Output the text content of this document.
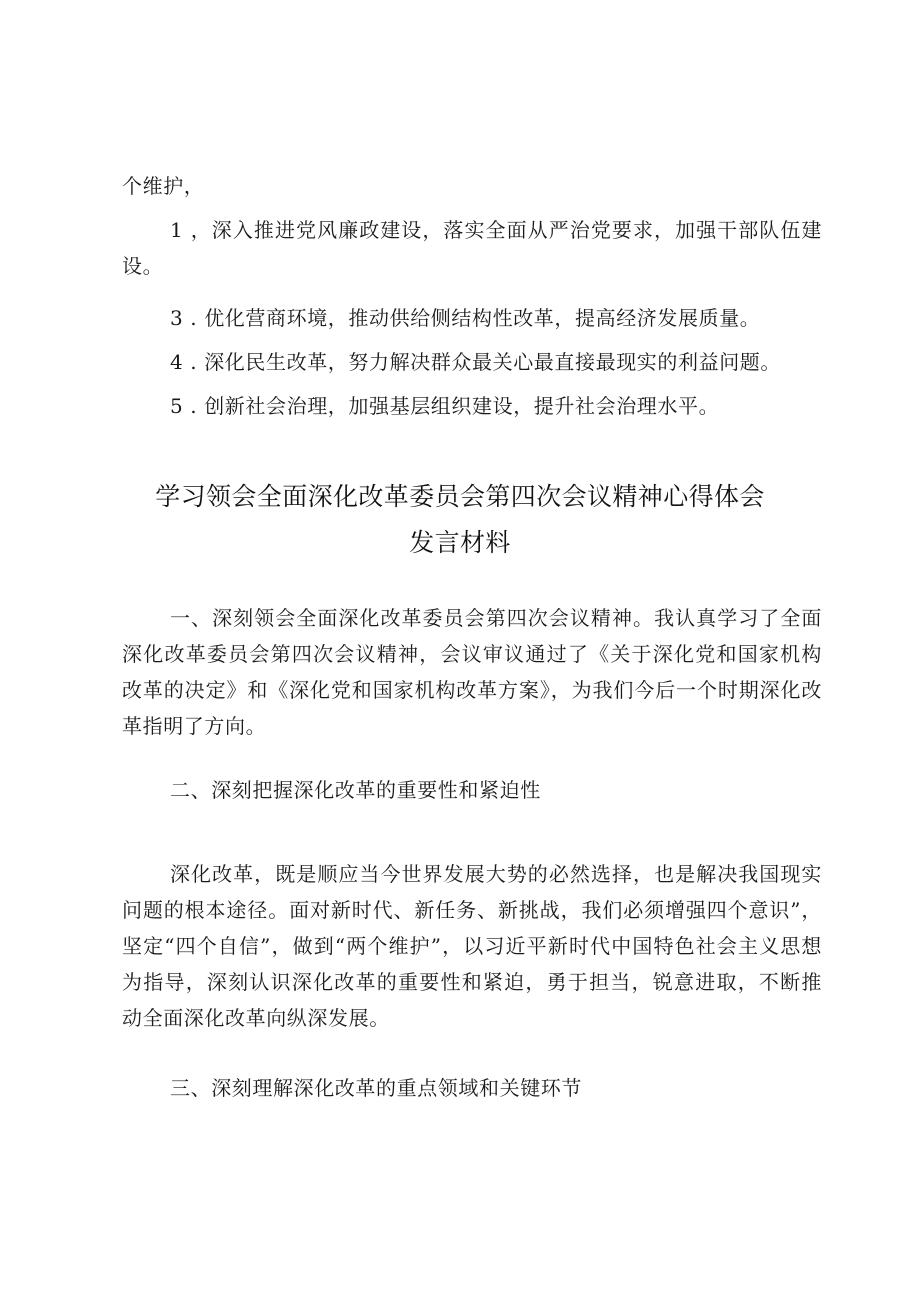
个维护，

1 ，深入推进党风廉政建设，落实全面从严治党要求，加强干部队伍建设。

3 . 优化营商环境，推动供给侧结构性改革，提高经济发展质量。

4 . 深化民生改革，努力解决群众最关心最直接最现实的利益问题。

5 . 创新社会治理，加强基层组织建设，提升社会治理水平。

学习领会全面深化改革委员会第四次会议精神心得体会
发言材料

一、深刻领会全面深化改革委员会第四次会议精神。我认真学习了全面深化改革委员会第四次会议精神，会议审议通过了《关于深化党和国家机构改革的决定》和《深化党和国家机构改革方案》，为我们今后一个时期深化改革指明了方向。

二、深刻把握深化改革的重要性和紧迫性

深化改革，既是顺应当今世界发展大势的必然选择，也是解决我国现实问题的根本途径。面对新时代、新任务、新挑战，我们必须增强四个意识”，坚定“四个自信”，做到“两个维护”，以习近平新时代中国特色社会主义思想为指导，深刻认识深化改革的重要性和紧迫，勇于担当，锐意进取，不断推动全面深化改革向纵深发展。

三、深刻理解深化改革的重点领域和关键环节
